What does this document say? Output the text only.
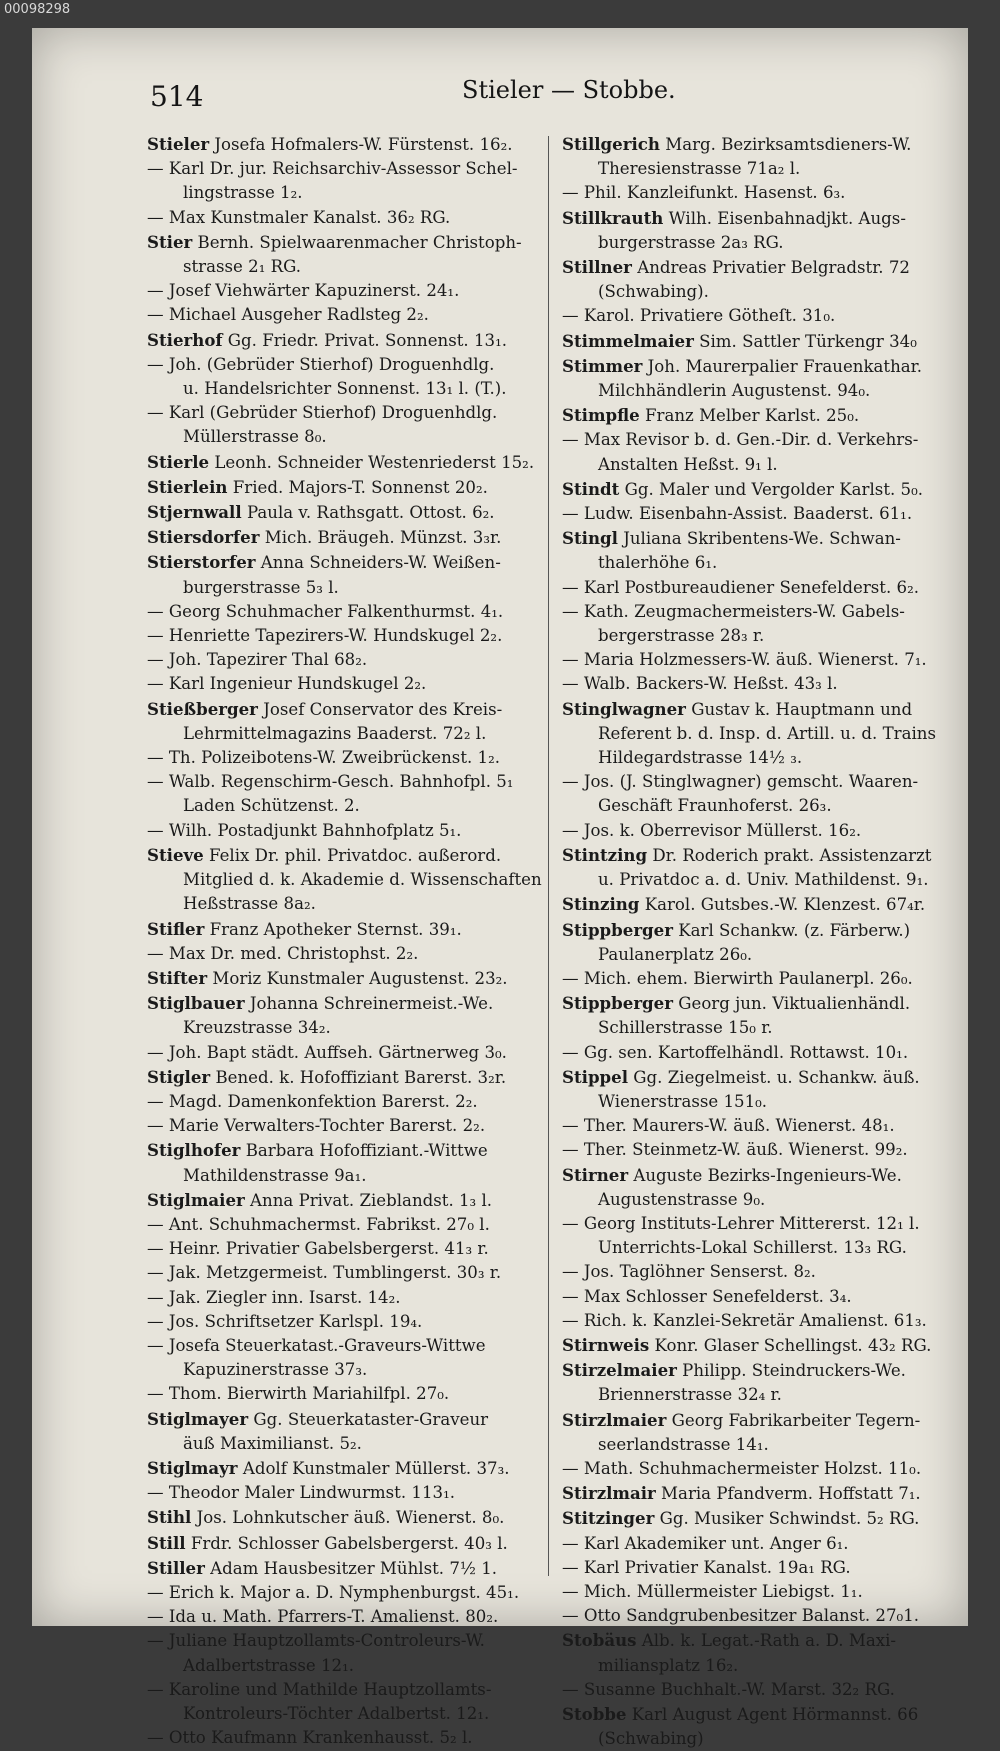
00098298
514	Stieler — Stobbe.
Stieler Josefa Hofmalers-W. Fürstenst. 16₂.
— Karl Dr. jur. Reichsarchiv-Assessor Schel-
lingstrasse 1₂.
— Max Kunstmaler Kanalst. 36₂ RG.
Stier Bernh. Spielwaarenmacher Christoph-
strasse 2₁ RG.
— Josef Viehwärter Kapuzinerst. 24₁.
— Michael Ausgeher Radlsteg 2₂.
Stierhof Gg. Friedr. Privat. Sonnenst. 13₁.
— Joh. (Gebrüder Stierhof) Droguenhdlg.
u. Handelsrichter Sonnenst. 13₁ l. (T.).
— Karl (Gebrüder Stierhof) Droguenhdlg.
Müllerstrasse 8₀.
Stierle Leonh. Schneider Westenriederst 15₂.
Stierlein Fried. Majors-T. Sonnenst 20₂.
Stjernwall Paula v. Rathsgatt. Ottost. 6₂.
Stiersdorfer Mich. Bräugeh. Münzst. 3₃r.
Stierstorfer Anna Schneiders-W. Weißen-
burgerstrasse 5₃ l.
— Georg Schuhmacher Falkenthurmst. 4₁.
— Henriette Tapezirers-W. Hundskugel 2₂.
— Joh. Tapezirer Thal 68₂.
— Karl Ingenieur Hundskugel 2₂.
Stießberger Josef Conservator des Kreis-
Lehrmittelmagazins Baaderst. 72₂ l.
— Th. Polizeibotens-W. Zweibrückenst. 1₂.
— Walb. Regenschirm-Gesch. Bahnhofpl. 5₁
Laden Schützenst. 2.
— Wilh. Postadjunkt Bahnhofplatz 5₁.
Stieve Felix Dr. phil. Privatdoc. außerord.
Mitglied d. k. Akademie d. Wissenschaften
Heßstrasse 8a₂.
Stifler Franz Apotheker Sternst. 39₁.
— Max Dr. med. Christophst. 2₂.
Stifter Moriz Kunstmaler Augustenst. 23₂.
Stiglbauer Johanna Schreinermeist.-We.
Kreuzstrasse 34₂.
— Joh. Bapt städt. Auffseh. Gärtnerweg 3₀.
Stigler Bened. k. Hofoffiziant Barerst. 3₂r.
— Magd. Damenkonfektion Barerst. 2₂.
— Marie Verwalters-Tochter Barerst. 2₂.
Stiglhofer Barbara Hofoffiziant.-Wittwe
Mathildenstrasse 9a₁.
Stiglmaier Anna Privat. Zieblandst. 1₃ l.
— Ant. Schuhmachermst. Fabrikst. 27₀ l.
— Heinr. Privatier Gabelsbergerst. 41₃ r.
— Jak. Metzgermeist. Tumblingerst. 30₃ r.
— Jak. Ziegler inn. Isarst. 14₂.
— Jos. Schriftsetzer Karlspl. 19₄.
— Josefa Steuerkatast.-Graveurs-Wittwe
Kapuzinerstrasse 37₃.
— Thom. Bierwirth Mariahilfpl. 27₀.
Stiglmayer Gg. Steuerkataster-Graveur
äuß Maximilianst. 5₂.
Stiglmayr Adolf Kunstmaler Müllerst. 37₃.
— Theodor Maler Lindwurmst. 113₁.
Stihl Jos. Lohnkutscher äuß. Wienerst. 8₀.
Still Frdr. Schlosser Gabelsbergerst. 40₃ l.
Stiller Adam Hausbesitzer Mühlst. 7½ 1.
— Erich k. Major a. D. Nymphenburgst. 45₁.
— Ida u. Math. Pfarrers-T. Amalienst. 80₂.
— Juliane Hauptzollamts-Controleurs-W.
Adalbertstrasse 12₁.
— Karoline und Mathilde Hauptzollamts-
Kontroleurs-Töchter Adalbertst. 12₁.
— Otto Kaufmann Krankenhausst. 5₂ l.
Stillgerich Marg. Bezirksamtsdieners-W.
Theresienstrasse 71a₂ l.
— Phil. Kanzleifunkt. Hasenst. 6₃.
Stillkrauth Wilh. Eisenbahnadjkt. Augs-
burgerstrasse 2a₃ RG.
Stillner Andreas Privatier Belgradstr. 72
(Schwabing).
— Karol. Privatiere Götheſt. 31₀.
Stimmelmaier Sim. Sattler Türkengr 34₀
Stimmer Joh. Maurerpalier Frauenkathar.
Milchhändlerin Augustenst. 94₀.
Stimpfle Franz Melber Karlst. 25₀.
— Max Revisor b. d. Gen.-Dir. d. Verkehrs-
Anstalten Heßst. 9₁ l.
Stindt Gg. Maler und Vergolder Karlst. 5₀.
— Ludw. Eisenbahn-Assist. Baaderst. 61₁.
Stingl Juliana Skribentens-We. Schwan-
thalerhöhe 6₁.
— Karl Postbureaudiener Senefelderst. 6₂.
— Kath. Zeugmachermeisters-W. Gabels-
bergerstrasse 28₃ r.
— Maria Holzmessers-W. äuß. Wienerst. 7₁.
— Walb. Backers-W. Heßst. 43₃ l.
Stinglwagner Gustav k. Hauptmann und
Referent b. d. Insp. d. Artill. u. d. Trains
Hildegardstrasse 14½ ₃.
— Jos. (J. Stinglwagner) gemscht. Waaren-
Geschäft Fraunhoferst. 26₃.
— Jos. k. Oberrevisor Müllerst. 16₂.
Stintzing Dr. Roderich prakt. Assistenzarzt
u. Privatdoc a. d. Univ. Mathildenst. 9₁.
Stinzing Karol. Gutsbes.-W. Klenzest. 67₄r.
Stippberger Karl Schankw. (z. Färberw.)
Paulanerplatz 26₀.
— Mich. ehem. Bierwirth Paulanerpl. 26₀.
Stippberger Georg jun. Viktualienhändl.
Schillerstrasse 15₀ r.
— Gg. sen. Kartoffelhändl. Rottawst. 10₁.
Stippel Gg. Ziegelmeist. u. Schankw. äuß.
Wienerstrasse 151₀.
— Ther. Maurers-W. äuß. Wienerst. 48₁.
— Ther. Steinmetz-W. äuß. Wienerst. 99₂.
Stirner Auguste Bezirks-Ingenieurs-We.
Augustenstrasse 9₀.
— Georg Instituts-Lehrer Mittererst. 12₁ l.
Unterrichts-Lokal Schillerst. 13₃ RG.
— Jos. Taglöhner Senserst. 8₂.
— Max Schlosser Senefelderst. 3₄.
— Rich. k. Kanzlei-Sekretär Amalienst. 61₃.
Stirnweis Konr. Glaser Schellingst. 43₂ RG.
Stirzelmaier Philipp. Steindruckers-We.
Briennerstrasse 32₄ r.
Stirzlmaier Georg Fabrikarbeiter Tegern-
seerlandstrasse 14₁.
— Math. Schuhmachermeister Holzst. 11₀.
Stirzlmair Maria Pfandverm. Hoffstatt 7₁.
Stitzinger Gg. Musiker Schwindst. 5₂ RG.
— Karl Akademiker unt. Anger 6₁.
— Karl Privatier Kanalst. 19a₁ RG.
— Mich. Müllermeister Liebigst. 1₁.
— Otto Sandgrubenbesitzer Balanst. 27₀1.
Stobäus Alb. k. Legat.-Rath a. D. Maxi-
miliansplatz 16₂.
— Susanne Buchhalt.-W. Marst. 32₂ RG.
Stobbe Karl August Agent Hörmannst. 66
(Schwabing)
